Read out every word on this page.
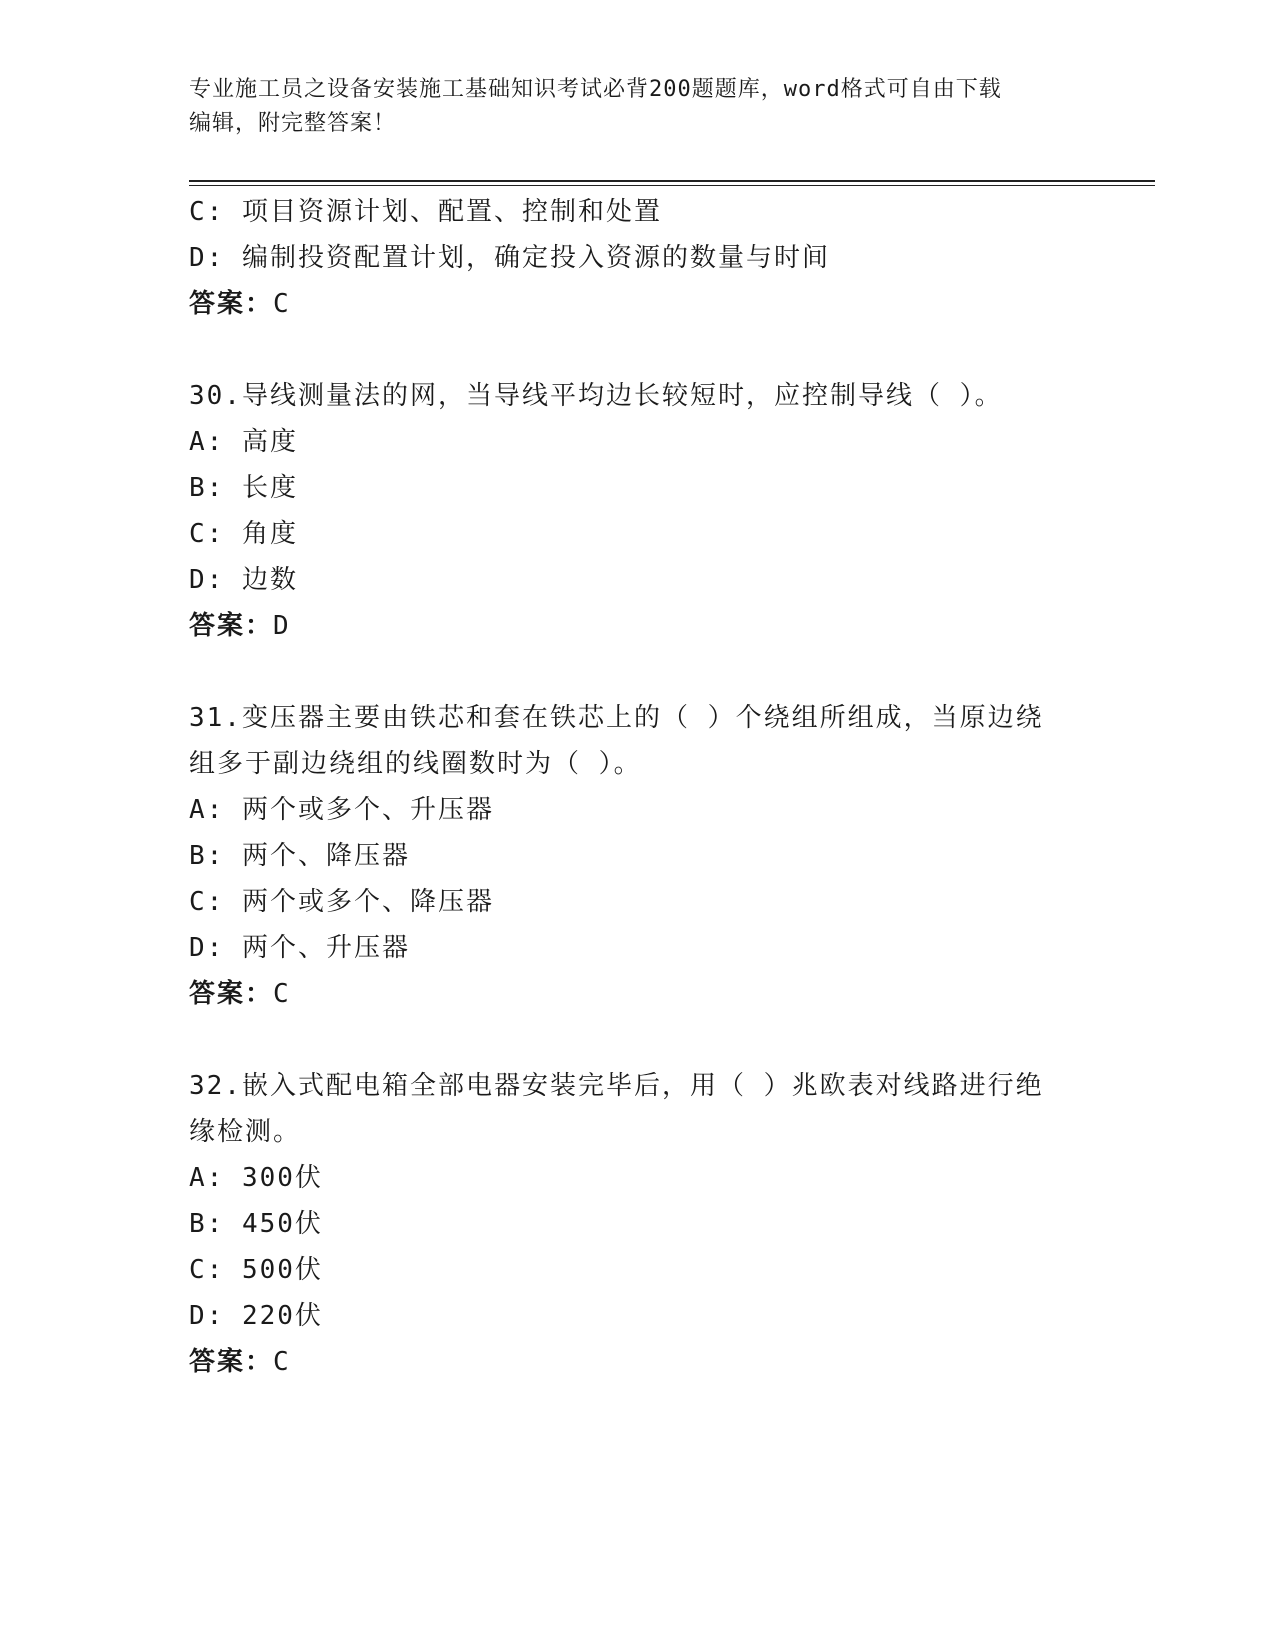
专业施工员之设备安装施工基础知识考试必背200题题库，word格式可自由下载
编辑，附完整答案！
C: 项目资源计划、配置、控制和处置
D: 编制投资配置计划，确定投入资源的数量与时间
答案：C
30.导线测量法的网，当导线平均边长较短时，应控制导线（ ）。
A: 高度
B: 长度
C: 角度
D: 边数
答案：D
31.变压器主要由铁芯和套在铁芯上的（ ）个绕组所组成，当原边绕
组多于副边绕组的线圈数时为（ ）。
A: 两个或多个、升压器
B: 两个、降压器
C: 两个或多个、降压器
D: 两个、升压器
答案：C
32.嵌入式配电箱全部电器安装完毕后，用（ ）兆欧表对线路进行绝
缘检测。
A: 300伏
B: 450伏
C: 500伏
D: 220伏
答案：C
